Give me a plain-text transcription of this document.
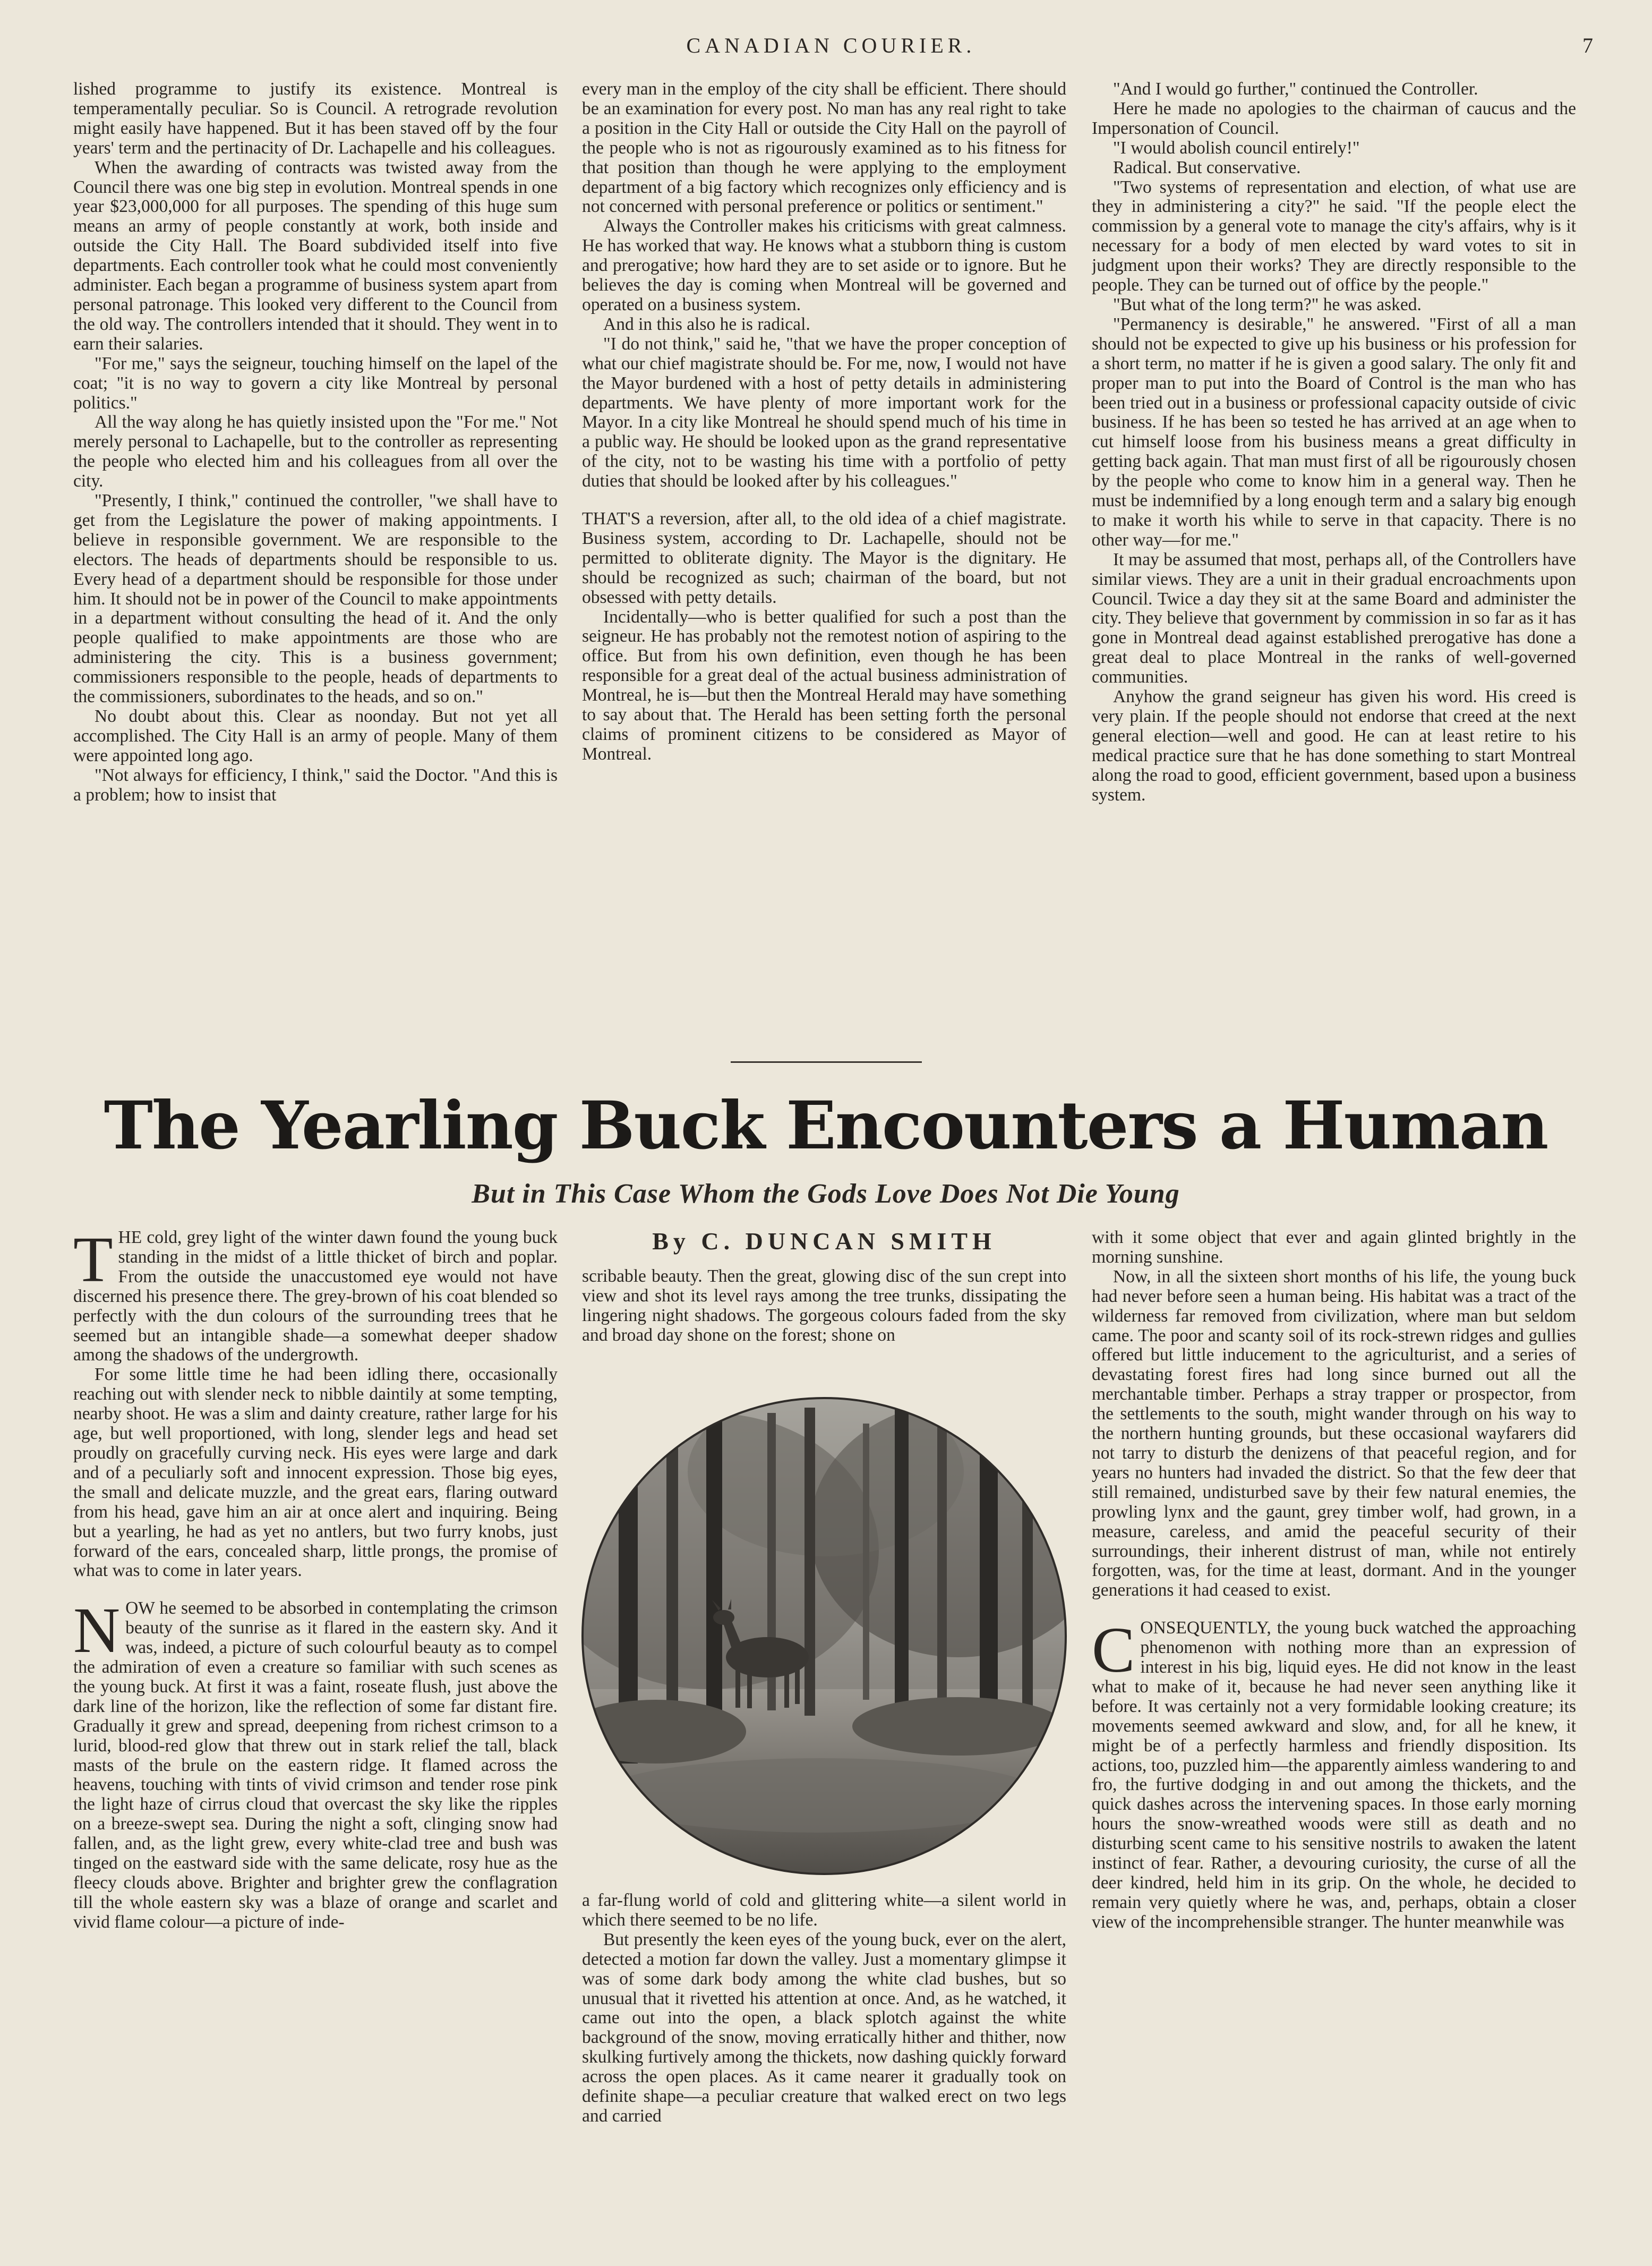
CANADIAN COURIER.	7

lished programme to justify its existence. Montreal is temperamentally peculiar. So is Council. A retrograde revolution might easily have happened. But it has been staved off by the four years' term and the pertinacity of Dr. Lachapelle and his colleagues.

When the awarding of contracts was twisted away from the Council there was one big step in evolution. Montreal spends in one year $23,000,000 for all purposes. The spending of this huge sum means an army of people constantly at work, both inside and outside the City Hall. The Board subdivided itself into five departments. Each controller took what he could most conveniently administer. Each began a programme of business system apart from personal patronage. This looked very different to the Council from the old way. The controllers intended that it should. They went in to earn their salaries.

"For me," says the seigneur, touching himself on the lapel of the coat; "it is no way to govern a city like Montreal by personal politics."

All the way along he has quietly insisted upon the "For me." Not merely personal to Lachapelle, but to the controller as representing the people who elected him and his colleagues from all over the city.

"Presently, I think," continued the controller, "we shall have to get from the Legislature the power of making appointments. I believe in responsible government. We are responsible to the electors. The heads of departments should be responsible to us. Every head of a department should be responsible for those under him. It should not be in power of the Council to make appointments in a department without consulting the head of it. And the only people qualified to make appointments are those who are administering the city. This is a business government; commissioners responsible to the people, heads of departments to the commissioners, subordinates to the heads, and so on."

No doubt about this. Clear as noonday. But not yet all accomplished. The City Hall is an army of people. Many of them were appointed long ago.

"Not always for efficiency, I think," said the Doctor. "And this is a problem; how to insist that

every man in the employ of the city shall be efficient. There should be an examination for every post. No man has any real right to take a position in the City Hall or outside the City Hall on the payroll of the people who is not as rigourously examined as to his fitness for that position than though he were applying to the employment department of a big factory which recognizes only efficiency and is not concerned with personal preference or politics or sentiment."

Always the Controller makes his criticisms with great calmness. He has worked that way. He knows what a stubborn thing is custom and prerogative; how hard they are to set aside or to ignore. But he believes the day is coming when Montreal will be governed and operated on a business system.

And in this also he is radical.

"I do not think," said he, "that we have the proper conception of what our chief magistrate should be. For me, now, I would not have the Mayor burdened with a host of petty details in administering departments. We have plenty of more important work for the Mayor. In a city like Montreal he should spend much of his time in a public way. He should be looked upon as the grand representative of the city, not to be wasting his time with a portfolio of petty duties that should be looked after by his colleagues."

THAT'S a reversion, after all, to the old idea of a chief magistrate. Business system, according to Dr. Lachapelle, should not be permitted to obliterate dignity. The Mayor is the dignitary. He should be recognized as such; chairman of the board, but not obsessed with petty details.

Incidentally—who is better qualified for such a post than the seigneur. He has probably not the remotest notion of aspiring to the office. But from his own definition, even though he has been responsible for a great deal of the actual business administration of Montreal, he is—but then the Montreal Herald may have something to say about that. The Herald has been setting forth the personal claims of prominent citizens to be considered as Mayor of Montreal.

"And I would go further," continued the Controller.

Here he made no apologies to the chairman of caucus and the Impersonation of Council.

"I would abolish council entirely!"

Radical. But conservative.

"Two systems of representation and election, of what use are they in administering a city?" he said. "If the people elect the commission by a general vote to manage the city's affairs, why is it necessary for a body of men elected by ward votes to sit in judgment upon their works? They are directly responsible to the people. They can be turned out of office by the people."

"But what of the long term?" he was asked.

"Permanency is desirable," he answered. "First of all a man should not be expected to give up his business or his profession for a short term, no matter if he is given a good salary. The only fit and proper man to put into the Board of Control is the man who has been tried out in a business or professional capacity outside of civic business. If he has been so tested he has arrived at an age when to cut himself loose from his business means a great difficulty in getting back again. That man must first of all be rigourously chosen by the people who come to know him in a general way. Then he must be indemnified by a long enough term and a salary big enough to make it worth his while to serve in that capacity. There is no other way—for me."

It may be assumed that most, perhaps all, of the Controllers have similar views. They are a unit in their gradual encroachments upon Council. Twice a day they sit at the same Board and administer the city. They believe that government by commission in so far as it has gone in Montreal dead against established prerogative has done a great deal to place Montreal in the ranks of well-governed communities.

Anyhow the grand seigneur has given his word. His creed is very plain. If the people should not endorse that creed at the next general election—well and good. He can at least retire to his medical practice sure that he has done something to start Montreal along the road to good, efficient government, based upon a business system.

The Yearling Buck Encounters a Human
But in This Case Whom the Gods Love Does Not Die Young

THE cold, grey light of the winter dawn found the young buck standing in the midst of a little thicket of birch and poplar. From the outside the unaccustomed eye would not have discerned his presence there. The grey-brown of his coat blended so perfectly with the dun colours of the surrounding trees that he seemed but an intangible shade—a somewhat deeper shadow among the shadows of the undergrowth.

For some little time he had been idling there, occasionally reaching out with slender neck to nibble daintily at some tempting, nearby shoot. He was a slim and dainty creature, rather large for his age, but well proportioned, with long, slender legs and head set proudly on gracefully curving neck. His eyes were large and dark and of a peculiarly soft and innocent expression. Those big eyes, the small and delicate muzzle, and the great ears, flaring outward from his head, gave him an air at once alert and inquiring. Being but a yearling, he had as yet no antlers, but two furry knobs, just forward of the ears, concealed sharp, little prongs, the promise of what was to come in later years.

NOW he seemed to be absorbed in contemplating the crimson beauty of the sunrise as it flared in the eastern sky. And it was, indeed, a picture of such colourful beauty as to compel the admiration of even a creature so familiar with such scenes as the young buck. At first it was a faint, roseate flush, just above the dark line of the horizon, like the reflection of some far distant fire. Gradually it grew and spread, deepening from richest crimson to a lurid, blood-red glow that threw out in stark relief the tall, black masts of the brule on the eastern ridge. It flamed across the heavens, touching with tints of vivid crimson and tender rose pink the light haze of cirrus cloud that overcast the sky like the ripples on a breeze-swept sea. During the night a soft, clinging snow had fallen, and, as the light grew, every white-clad tree and bush was tinged on the eastward side with the same delicate, rosy hue as the fleecy clouds above. Brighter and brighter grew the conflagration till the whole eastern sky was a blaze of orange and scarlet and vivid flame colour—a picture of inde-

By C. DUNCAN SMITH

scribable beauty. Then the great, glowing disc of the sun crept into view and shot its level rays among the tree trunks, dissipating the lingering night shadows. The gorgeous colours faded from the sky and broad day shone on the forest; shone on

a far-flung world of cold and glittering white—a silent world in which there seemed to be no life.

But presently the keen eyes of the young buck, ever on the alert, detected a motion far down the valley. Just a momentary glimpse it was of some dark body among the white clad bushes, but so unusual that it rivetted his attention at once. And, as he watched, it came out into the open, a black splotch against the white background of the snow, moving erratically hither and thither, now skulking furtively among the thickets, now dashing quickly forward across the open places. As it came nearer it gradually took on definite shape—a peculiar creature that walked erect on two legs and carried

with it some object that ever and again glinted brightly in the morning sunshine.

Now, in all the sixteen short months of his life, the young buck had never before seen a human being. His habitat was a tract of the wilderness far removed from civilization, where man but seldom came. The poor and scanty soil of its rock-strewn ridges and gullies offered but little inducement to the agriculturist, and a series of devastating forest fires had long since burned out all the merchantable timber. Perhaps a stray trapper or prospector, from the settlements to the south, might wander through on his way to the northern hunting grounds, but these occasional wayfarers did not tarry to disturb the denizens of that peaceful region, and for years no hunters had invaded the district. So that the few deer that still remained, undisturbed save by their few natural enemies, the prowling lynx and the gaunt, grey timber wolf, had grown, in a measure, careless, and amid the peaceful security of their surroundings, their inherent distrust of man, while not entirely forgotten, was, for the time at least, dormant. And in the younger generations it had ceased to exist.

CONSEQUENTLY, the young buck watched the approaching phenomenon with nothing more than an expression of interest in his big, liquid eyes. He did not know in the least what to make of it, because he had never seen anything like it before. It was certainly not a very formidable looking creature; its movements seemed awkward and slow, and, for all he knew, it might be of a perfectly harmless and friendly disposition. Its actions, too, puzzled him—the apparently aimless wandering to and fro, the furtive dodging in and out among the thickets, and the quick dashes across the intervening spaces. In those early morning hours the snow-wreathed woods were still as death and no disturbing scent came to his sensitive nostrils to awaken the latent instinct of fear. Rather, a devouring curiosity, the curse of all the deer kindred, held him in its grip. On the whole, he decided to remain very quietly where he was, and, perhaps, obtain a closer view of the incomprehensible stranger. The hunter meanwhile was
